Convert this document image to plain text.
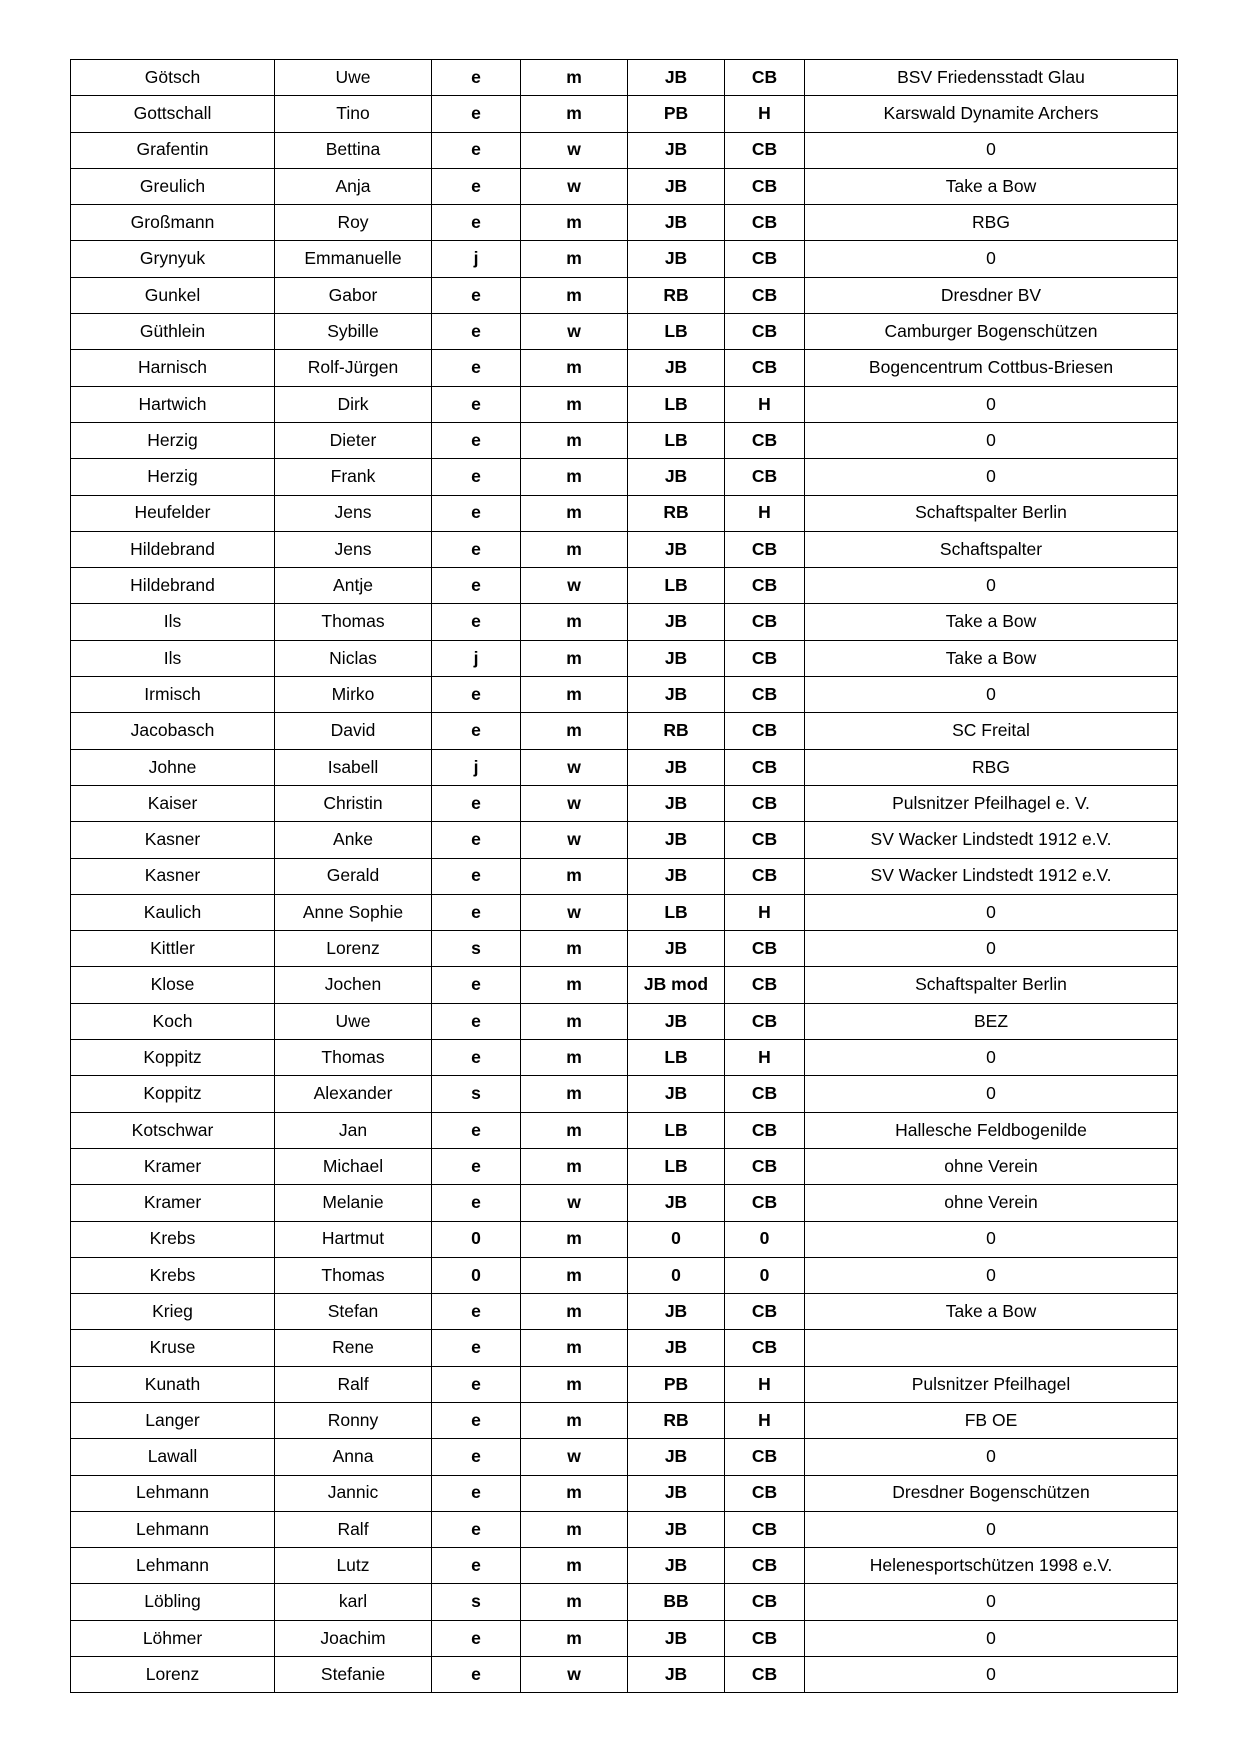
Götsch	Uwe	e	m	JB	CB	BSV Friedensstadt Glau
Gottschall	Tino	e	m	PB	H	Karswald Dynamite Archers
Grafentin	Bettina	e	w	JB	CB	0
Greulich	Anja	e	w	JB	CB	Take a Bow
Großmann	Roy	e	m	JB	CB	RBG
Grynyuk	Emmanuelle	j	m	JB	CB	0
Gunkel	Gabor	e	m	RB	CB	Dresdner BV
Güthlein	Sybille	e	w	LB	CB	Camburger Bogenschützen
Harnisch	Rolf-Jürgen	e	m	JB	CB	Bogencentrum Cottbus-Briesen
Hartwich	Dirk	e	m	LB	H	0
Herzig	Dieter	e	m	LB	CB	0
Herzig	Frank	e	m	JB	CB	0
Heufelder	Jens	e	m	RB	H	Schaftspalter Berlin
Hildebrand	Jens	e	m	JB	CB	Schaftspalter
Hildebrand	Antje	e	w	LB	CB	0
Ils	Thomas	e	m	JB	CB	Take a Bow
Ils	Niclas	j	m	JB	CB	Take a Bow
Irmisch	Mirko	e	m	JB	CB	0
Jacobasch	David	e	m	RB	CB	SC Freital
Johne	Isabell	j	w	JB	CB	RBG
Kaiser	Christin	e	w	JB	CB	Pulsnitzer Pfeilhagel e. V.
Kasner	Anke	e	w	JB	CB	SV Wacker Lindstedt 1912 e.V.
Kasner	Gerald	e	m	JB	CB	SV Wacker Lindstedt 1912 e.V.
Kaulich	Anne Sophie	e	w	LB	H	0
Kittler	Lorenz	s	m	JB	CB	0
Klose	Jochen	e	m	JB mod	CB	Schaftspalter Berlin
Koch	Uwe	e	m	JB	CB	BEZ
Koppitz	Thomas	e	m	LB	H	0
Koppitz	Alexander	s	m	JB	CB	0
Kotschwar	Jan	e	m	LB	CB	Hallesche Feldbogenilde
Kramer	Michael	e	m	LB	CB	ohne Verein
Kramer	Melanie	e	w	JB	CB	ohne Verein
Krebs	Hartmut	0	m	0	0	0
Krebs	Thomas	0	m	0	0	0
Krieg	Stefan	e	m	JB	CB	Take a Bow
Kruse	Rene	e	m	JB	CB	
Kunath	Ralf	e	m	PB	H	Pulsnitzer Pfeilhagel
Langer	Ronny	e	m	RB	H	FB OE
Lawall	Anna	e	w	JB	CB	0
Lehmann	Jannic	e	m	JB	CB	Dresdner Bogenschützen
Lehmann	Ralf	e	m	JB	CB	0
Lehmann	Lutz	e	m	JB	CB	Helenesportschützen 1998 e.V.
Löbling	karl	s	m	BB	CB	0
Löhmer	Joachim	e	m	JB	CB	0
Lorenz	Stefanie	e	w	JB	CB	0
